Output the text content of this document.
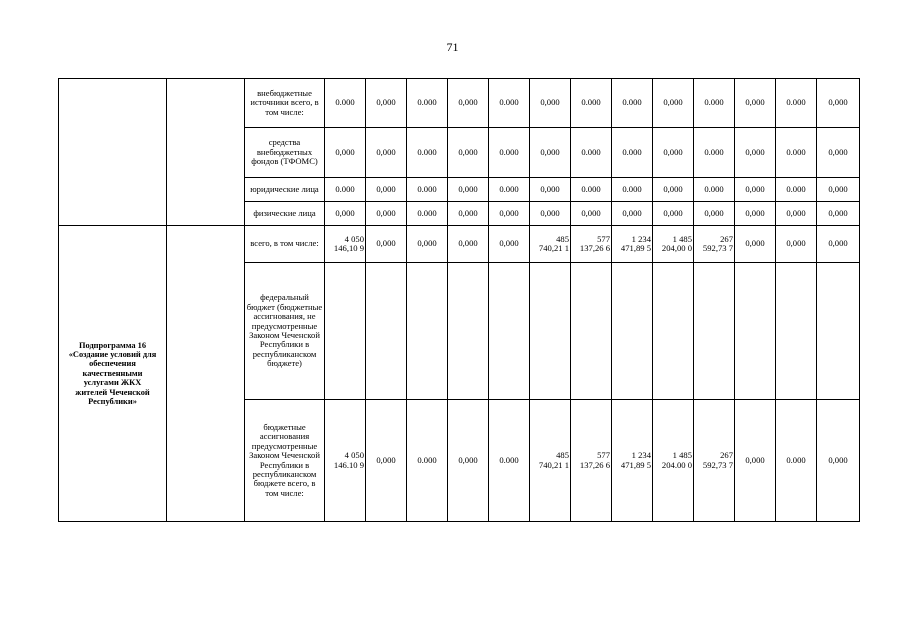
71
		внебюджетные источники всего, в том числе:	0.000	0,000	0.000	0,000	0.000	0,000	0.000	0.000	0,000	0.000	0,000	0.000	0,000
		средства внебюджетных фондов (ТФОМС)	0,000	0,000	0.000	0,000	0.000	0,000	0.000	0.000	0,000	0.000	0,000	0.000	0,000
		юридические лица	0.000	0,000	0.000	0,000	0.000	0,000	0.000	0.000	0,000	0.000	0,000	0.000	0,000
		физические лица	0,000	0,000	0.000	0,000	0,000	0,000	0,000	0,000	0,000	0,000	0,000	0,000	0,000
Подпрограмма 16 «Создание условий для обеспечения качественными услугами ЖКХ жителей Чеченской Республики»		всего, в том числе:	4 050 146,10 9	0,000	0,000	0,000	0,000	485 740,21 1	577 137,26 6	1 234 471,89 5	1 485 204,00 0	267 592,73 7	0,000	0,000	0,000
		федеральный бюджет (бюджетные ассигнования, не предусмотренные Законом Чеченской Республики в республиканском бюджете)													
		бюджетные ассигнования предусмотренные Законом Чеченской Республики в республиканском бюджете всего, в том числе:	4 050 146.10 9	0,000	0.000	0,000	0.000	485 740,21 1	577 137,26 6	1 234 471,89 5	1 485 204.00 0	267 592,73 7	0,000	0.000	0,000
